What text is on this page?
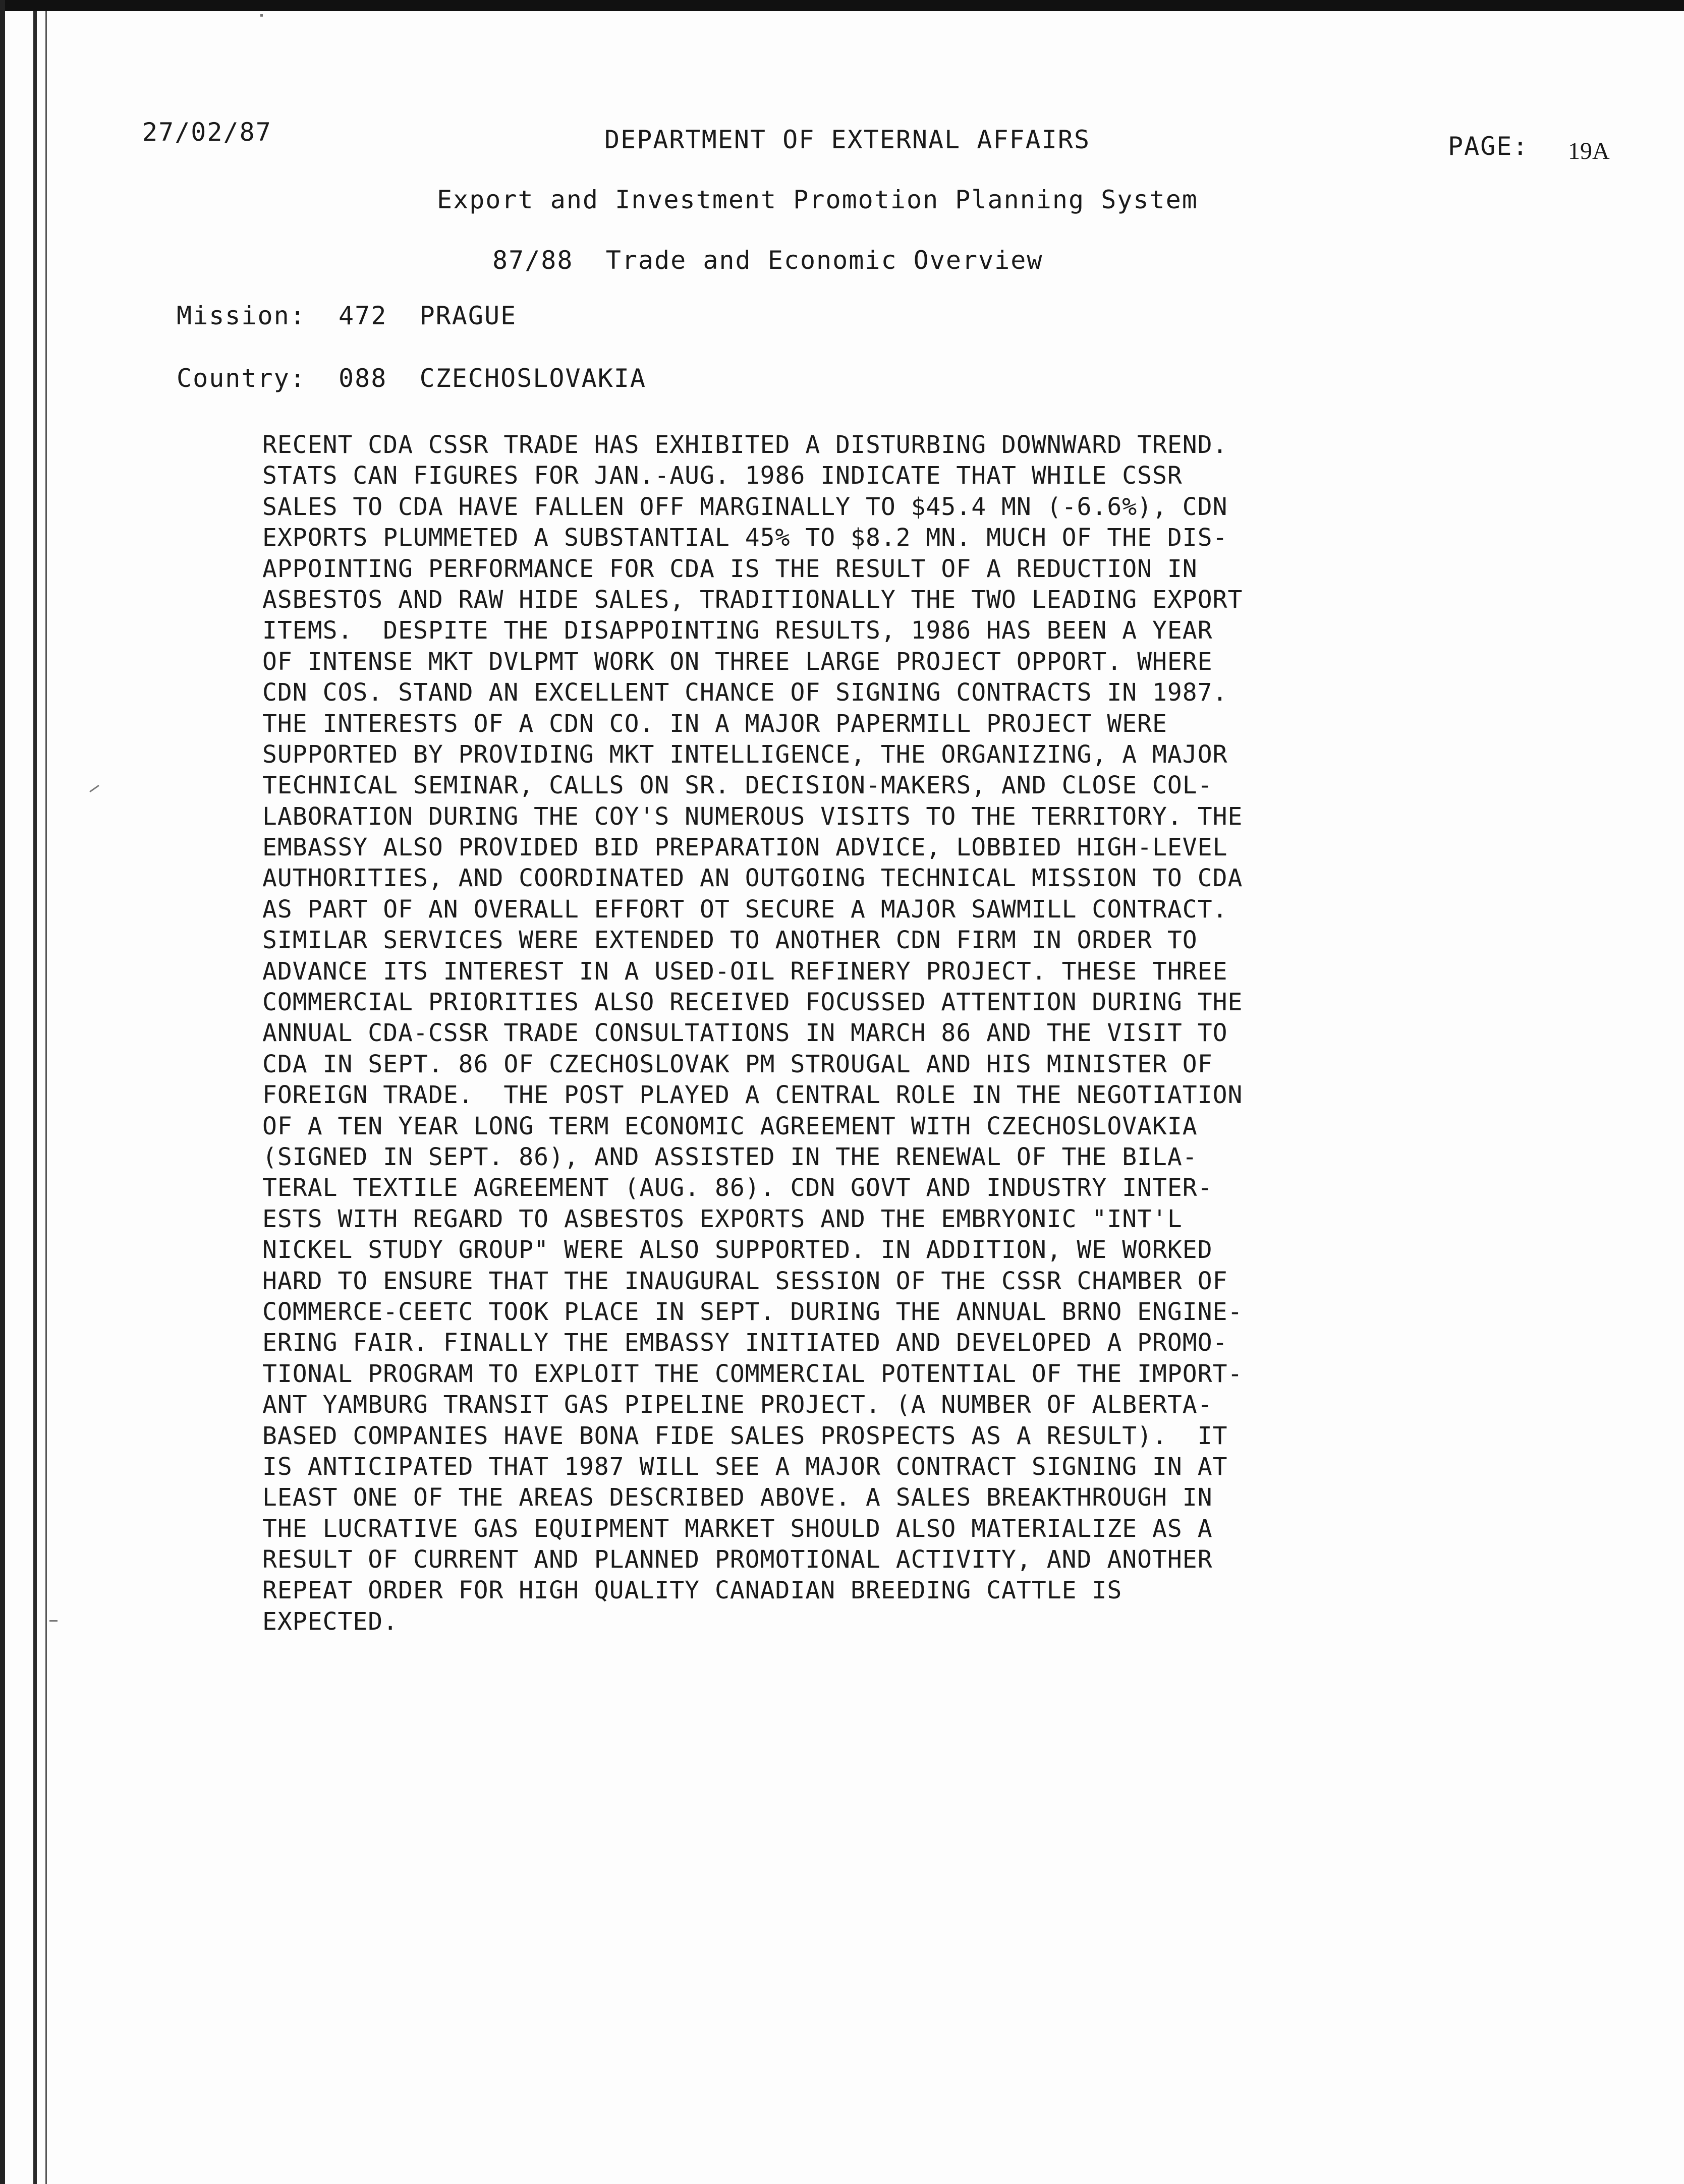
27/02/87	DEPARTMENT OF EXTERNAL AFFAIRS	PAGE: 19A
Export and Investment Promotion Planning System
87/88  Trade and Economic Overview
Mission: 472 PRAGUE
Country: 088 CZECHOSLOVAKIA
RECENT CDA CSSR TRADE HAS EXHIBITED A DISTURBING DOWNWARD TREND.
STATS CAN FIGURES FOR JAN.-AUG. 1986 INDICATE THAT WHILE CSSR
SALES TO CDA HAVE FALLEN OFF MARGINALLY TO $45.4 MN (-6.6%), CDN
EXPORTS PLUMMETED A SUBSTANTIAL 45% TO $8.2 MN. MUCH OF THE DIS-
APPOINTING PERFORMANCE FOR CDA IS THE RESULT OF A REDUCTION IN
ASBESTOS AND RAW HIDE SALES, TRADITIONALLY THE TWO LEADING EXPORT
ITEMS.  DESPITE THE DISAPPOINTING RESULTS, 1986 HAS BEEN A YEAR
OF INTENSE MKT DVLPMT WORK ON THREE LARGE PROJECT OPPORT. WHERE
CDN COS. STAND AN EXCELLENT CHANCE OF SIGNING CONTRACTS IN 1987.
THE INTERESTS OF A CDN CO. IN A MAJOR PAPERMILL PROJECT WERE
SUPPORTED BY PROVIDING MKT INTELLIGENCE, THE ORGANIZING, A MAJOR
TECHNICAL SEMINAR, CALLS ON SR. DECISION-MAKERS, AND CLOSE COL-
LABORATION DURING THE COY'S NUMEROUS VISITS TO THE TERRITORY. THE
EMBASSY ALSO PROVIDED BID PREPARATION ADVICE, LOBBIED HIGH-LEVEL
AUTHORITIES, AND COORDINATED AN OUTGOING TECHNICAL MISSION TO CDA
AS PART OF AN OVERALL EFFORT OT SECURE A MAJOR SAWMILL CONTRACT.
SIMILAR SERVICES WERE EXTENDED TO ANOTHER CDN FIRM IN ORDER TO
ADVANCE ITS INTEREST IN A USED-OIL REFINERY PROJECT. THESE THREE
COMMERCIAL PRIORITIES ALSO RECEIVED FOCUSSED ATTENTION DURING THE
ANNUAL CDA-CSSR TRADE CONSULTATIONS IN MARCH 86 AND THE VISIT TO
CDA IN SEPT. 86 OF CZECHOSLOVAK PM STROUGAL AND HIS MINISTER OF
FOREIGN TRADE.  THE POST PLAYED A CENTRAL ROLE IN THE NEGOTIATION
OF A TEN YEAR LONG TERM ECONOMIC AGREEMENT WITH CZECHOSLOVAKIA
(SIGNED IN SEPT. 86), AND ASSISTED IN THE RENEWAL OF THE BILA-
TERAL TEXTILE AGREEMENT (AUG. 86). CDN GOVT AND INDUSTRY INTER-
ESTS WITH REGARD TO ASBESTOS EXPORTS AND THE EMBRYONIC "INT'L
NICKEL STUDY GROUP" WERE ALSO SUPPORTED. IN ADDITION, WE WORKED
HARD TO ENSURE THAT THE INAUGURAL SESSION OF THE CSSR CHAMBER OF
COMMERCE-CEETC TOOK PLACE IN SEPT. DURING THE ANNUAL BRNO ENGINE-
ERING FAIR. FINALLY THE EMBASSY INITIATED AND DEVELOPED A PROMO-
TIONAL PROGRAM TO EXPLOIT THE COMMERCIAL POTENTIAL OF THE IMPORT-
ANT YAMBURG TRANSIT GAS PIPELINE PROJECT. (A NUMBER OF ALBERTA-
BASED COMPANIES HAVE BONA FIDE SALES PROSPECTS AS A RESULT).  IT
IS ANTICIPATED THAT 1987 WILL SEE A MAJOR CONTRACT SIGNING IN AT
LEAST ONE OF THE AREAS DESCRIBED ABOVE. A SALES BREAKTHROUGH IN
THE LUCRATIVE GAS EQUIPMENT MARKET SHOULD ALSO MATERIALIZE AS A
RESULT OF CURRENT AND PLANNED PROMOTIONAL ACTIVITY, AND ANOTHER
REPEAT ORDER FOR HIGH QUALITY CANADIAN BREEDING CATTLE IS
EXPECTED.
